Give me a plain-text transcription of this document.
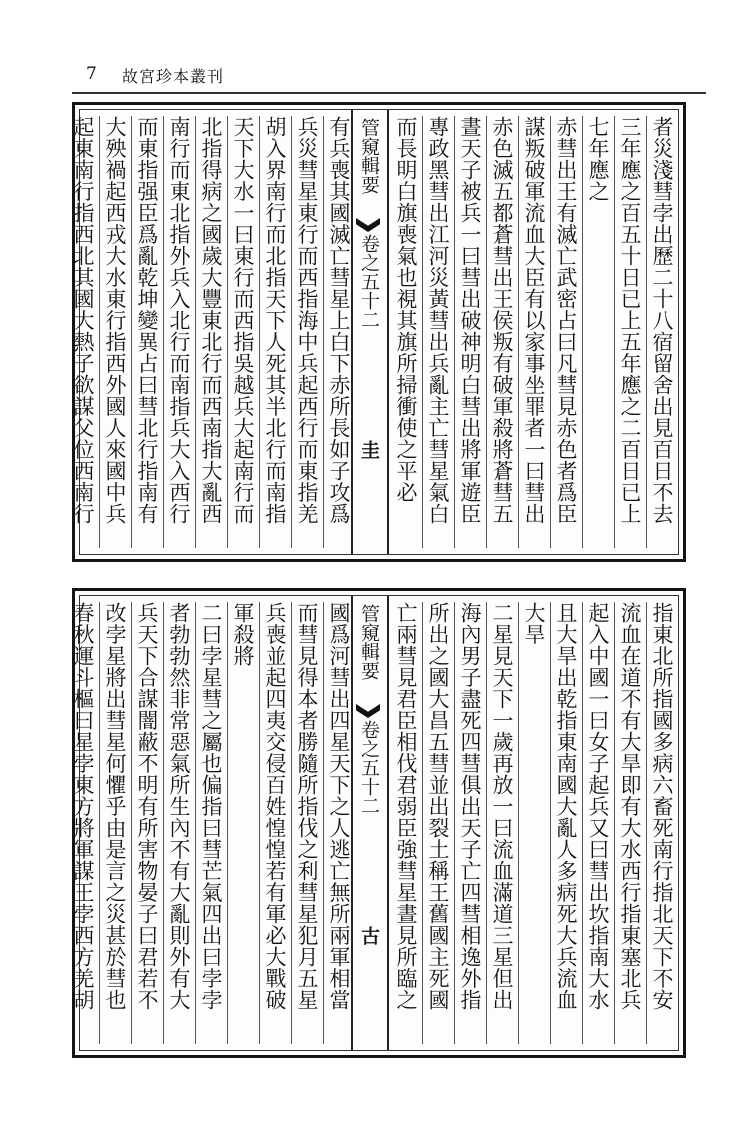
7 故宮珍本叢刊
者災淺彗孛出歷二十八宿留舍出見百日不去
三年應之百五十日已上五年應之二百日已上
七年應之
赤彗出王有滅亡武密占曰凡彗見赤色者爲臣
謀叛破軍流血大臣有以家事坐罪者一曰彗出
赤色滅五都蒼彗出王侯叛有破軍殺將蒼彗五
晝天子被兵一曰彗出破神明白彗出將軍遊臣
專政黑彗出江河災黃彗出兵亂主亡彗星氣白
而長明白旗喪氣也視其旗所掃衝使之平必
管窺輯要
卷之五十二
圭
有兵喪其國滅亡彗星上白下赤所長如子攻爲
兵災彗星東行而西指海中兵起西行而東指羌
胡入界南行而北指天下人死其半北行而南指
天下大水一曰東行而西指吳越兵大起南行而
北指得病之國歲大豐東北行而西南指大亂西
南行而東北指外兵入北行而南指兵大入西行
而東指强臣爲亂乾坤變異占曰彗北行指南有
大殃禍起西戎大水東行指西外國人來國中兵
起東南行指西北其國大熱子欲謀父位西南行
指東北所指國多病六畜死南行指北天下不安
流血在道不有大旱即有大水西行指東塞北兵
起入中國一曰女子起兵又曰彗出坎指南大水
且大旱出乾指東南國大亂人多病死大兵流血
大旱
二星見天下一歲再放一曰流血滿道三星但出
海內男子盡死四彗俱出天子亡四彗相逸外指
所出之國大昌五彗並出裂土稱王舊國主死國
亡兩彗見君臣相伐君弱臣強彗星晝見所臨之
管窺輯要
卷之五十二
古
國爲河彗出四星天下之人逃亡無所兩軍相當
而彗見得本者勝隨所指伐之利彗星犯月五星
兵喪並起四夷交侵百姓惶惶若有軍必大戰破
軍殺將
二曰孛星彗之屬也偏指曰彗芒氣四出曰孛孛
者勃勃然非常惡氣所生內不有大亂則外有大
兵天下合謀闇蔽不明有所害物晏子曰君若不
改孛星將出彗星何懼乎由是言之災甚於彗也
春秋運斗樞曰星孛東方將軍謀王孛西方羌胡
